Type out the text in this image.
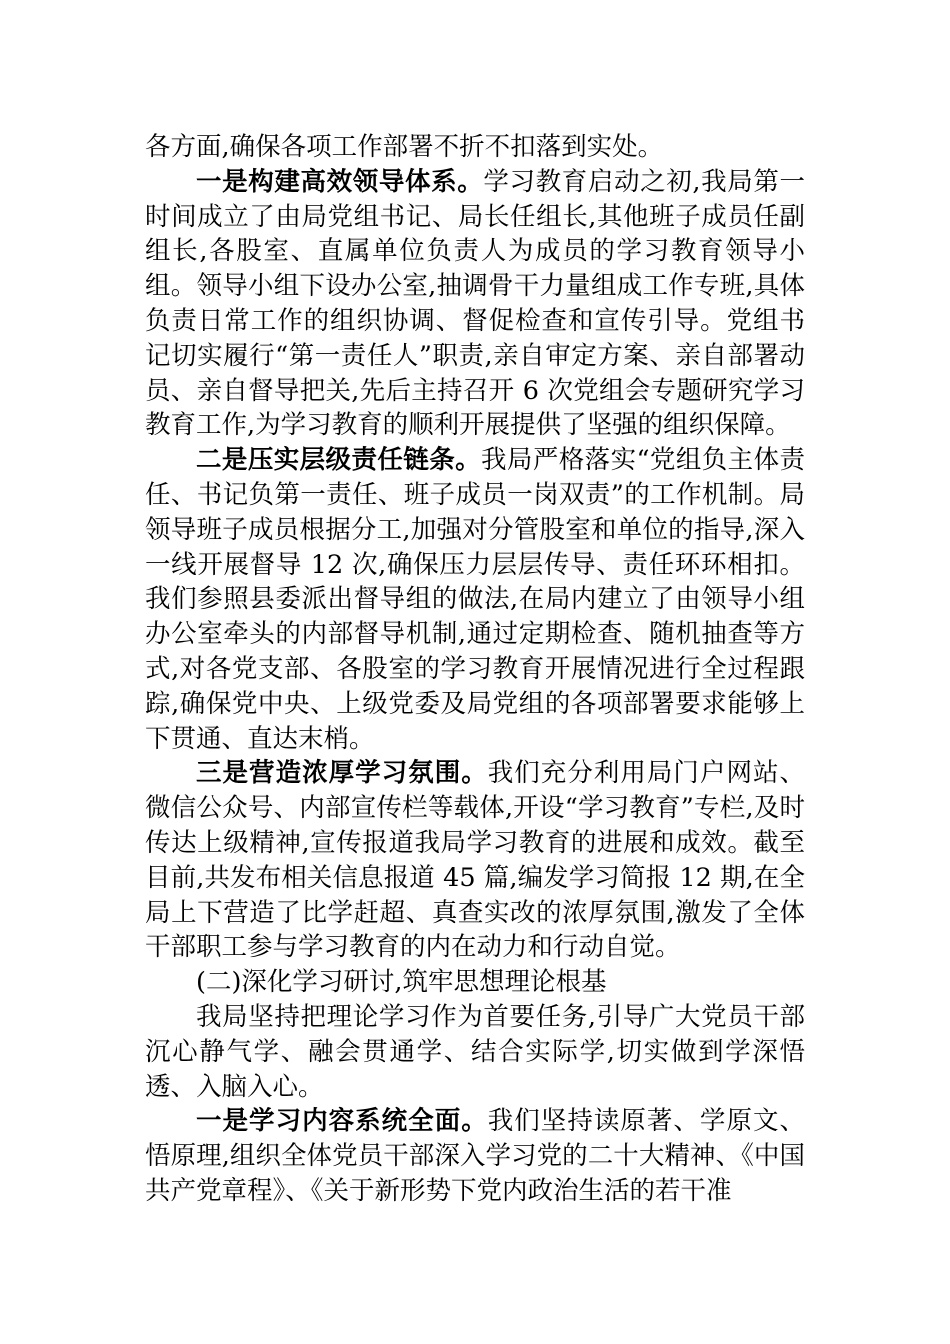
各方面,确保各项工作部署不折不扣落到实处。

一是构建高效领导体系。学习教育启动之初,我局第一时间成立了由局党组书记、局长任组长,其他班子成员任副组长,各股室、直属单位负责人为成员的学习教育领导小组。领导小组下设办公室,抽调骨干力量组成工作专班,具体负责日常工作的组织协调、督促检查和宣传引导。党组书记切实履行“第一责任人”职责,亲自审定方案、亲自部署动员、亲自督导把关,先后主持召开 6 次党组会专题研究学习教育工作,为学习教育的顺利开展提供了坚强的组织保障。

二是压实层级责任链条。我局严格落实“党组负主体责任、书记负第一责任、班子成员一岗双责”的工作机制。局领导班子成员根据分工,加强对分管股室和单位的指导,深入一线开展督导 12 次,确保压力层层传导、责任环环相扣。我们参照县委派出督导组的做法,在局内建立了由领导小组办公室牵头的内部督导机制,通过定期检查、随机抽查等方式,对各党支部、各股室的学习教育开展情况进行全过程跟踪,确保党中央、上级党委及局党组的各项部署要求能够上下贯通、直达末梢。

三是营造浓厚学习氛围。我们充分利用局门户网站、微信公众号、内部宣传栏等载体,开设“学习教育”专栏,及时传达上级精神,宣传报道我局学习教育的进展和成效。截至目前,共发布相关信息报道 45 篇,编发学习简报 12 期,在全局上下营造了比学赶超、真查实改的浓厚氛围,激发了全体干部职工参与学习教育的内在动力和行动自觉。

(二)深化学习研讨,筑牢思想理论根基

我局坚持把理论学习作为首要任务,引导广大党员干部沉心静气学、融会贯通学、结合实际学,切实做到学深悟透、入脑入心。

一是学习内容系统全面。我们坚持读原著、学原文、悟原理,组织全体党员干部深入学习党的二十大精神、《中国共产党章程》、《关于新形势下党内政治生活的若干准
